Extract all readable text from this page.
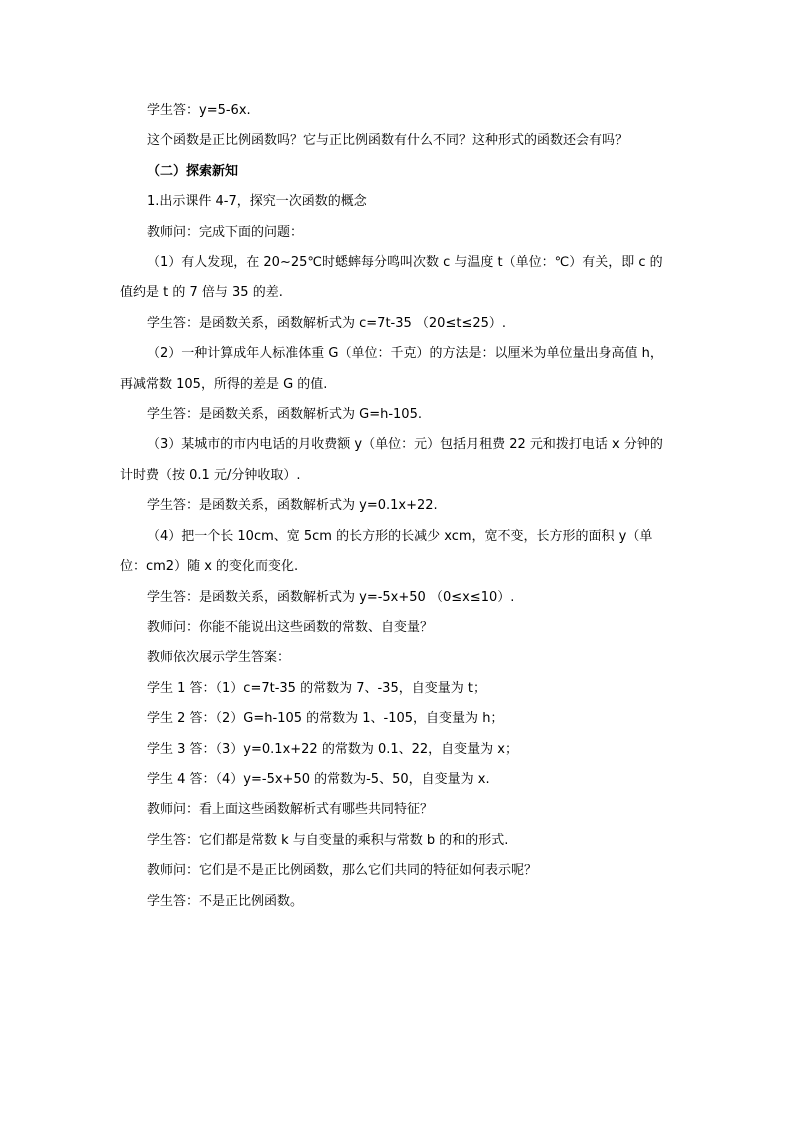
学生答：y=5-6x.

这个函数是正比例函数吗？它与正比例函数有什么不同？这种形式的函数还会有吗？

（二）探索新知

1.出示课件 4-7，探究一次函数的概念

教师问：完成下面的问题：

（1）有人发现，在 20~25℃时蟋蟀每分鸣叫次数 c 与温度 t（单位：℃）有关，即 c 的值约是 t 的 7 倍与 35 的差.

学生答：是函数关系，函数解析式为 c=7t-35 （20≤t≤25）.

（2）一种计算成年人标准体重 G（单位：千克）的方法是：以厘米为单位量出身高值 h，再减常数 105，所得的差是 G 的值.

学生答：是函数关系，函数解析式为 G=h-105.

（3）某城市的市内电话的月收费额 y（单位：元）包括月租费 22 元和拨打电话 x 分钟的计时费（按 0.1 元/分钟收取）.

学生答：是函数关系，函数解析式为 y=0.1x+22.

（4）把一个长 10cm、宽 5cm 的长方形的长减少 xcm，宽不变，长方形的面积 y（单位：cm2）随 x 的变化而变化.

学生答：是函数关系，函数解析式为 y=-5x+50 （0≤x≤10）.

教师问：你能不能说出这些函数的常数、自变量？

教师依次展示学生答案：

学生 1 答：（1）c=7t-35 的常数为 7、-35，自变量为 t；

学生 2 答：（2）G=h-105 的常数为 1、-105，自变量为 h；

学生 3 答：（3）y=0.1x+22 的常数为 0.1、22，自变量为 x；

学生 4 答：（4）y=-5x+50 的常数为-5、50，自变量为 x.

教师问：看上面这些函数解析式有哪些共同特征？

学生答：它们都是常数 k 与自变量的乘积与常数 b 的和的形式.

教师问：它们是不是正比例函数，那么它们共同的特征如何表示呢？

学生答：不是正比例函数。
